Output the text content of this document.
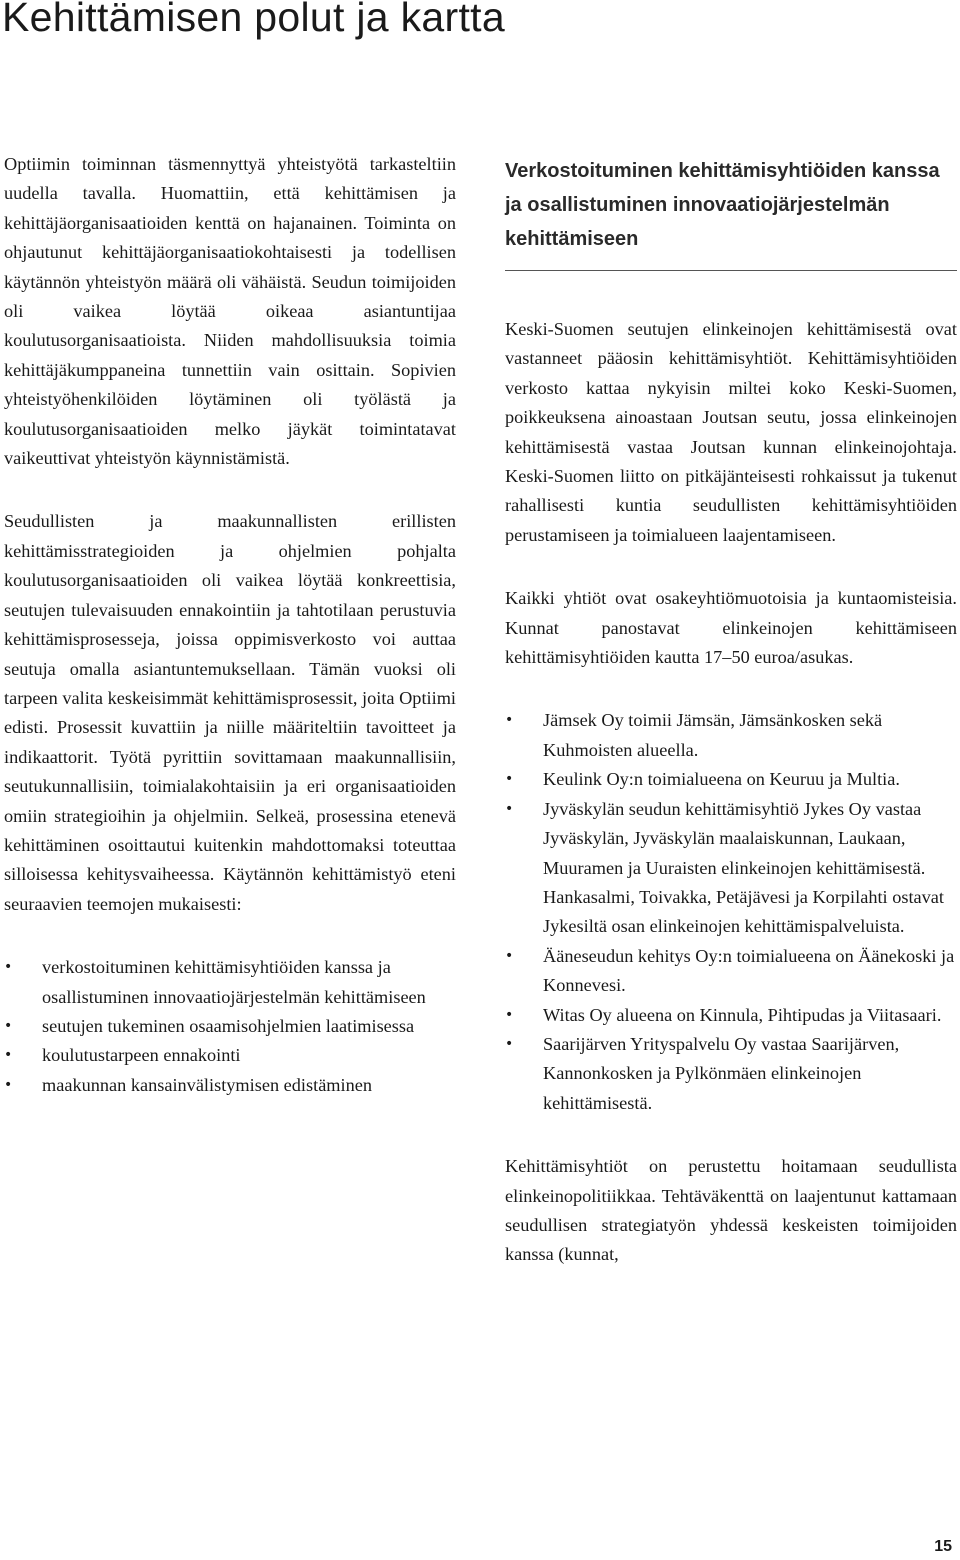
Kehittämisen polut ja kartta

Optiimin toiminnan täsmennyttyä yhteistyötä tarkasteltiin uudella tavalla. Huomattiin, että kehittämisen ja kehittäjäorganisaatioiden kenttä on hajanainen. Toiminta on ohjautunut kehittäjäorganisaatiokohtaisesti ja todellisen käytännön yhteistyön määrä oli vähäistä. Seudun toimijoiden oli vaikea löytää oikeaa asiantuntijaa koulutusorganisaatioista. Niiden mahdollisuuksia toimia kehittäjäkumppaneina tunnettiin vain osittain. Sopivien yhteistyöhenkilöiden löytäminen oli työlästä ja koulutusorganisaatioiden melko jäykät toimintatavat vaikeuttivat yhteistyön käynnistämistä.

Seudullisten ja maakunnallisten erillisten kehittämisstrategioiden ja ohjelmien pohjalta koulutusorganisaatioiden oli vaikea löytää konkreettisia, seutujen tulevaisuuden ennakointiin ja tahtotilaan perustuvia kehittämisprosesseja, joissa oppimisverkosto voi auttaa seutuja omalla asiantuntemuksellaan. Tämän vuoksi oli tarpeen valita keskeisimmät kehittämisprosessit, joita Optiimi edisti. Prosessit kuvattiin ja niille määriteltiin tavoitteet ja indikaattorit. Työtä pyrittiin sovittamaan maakunnallisiin, seutukunnallisiin, toimialakohtaisiin ja eri organisaatioiden omiin strategioihin ja ohjelmiin. Selkeä, prosessina etenevä kehittäminen osoittautui kuitenkin mahdottomaksi toteuttaa silloisessa kehitysvaiheessa. Käytännön kehittämistyö eteni seuraavien teemojen mukaisesti:

• verkostoituminen kehittämisyhtiöiden kanssa ja osallistuminen innovaatiojärjestelmän kehittämiseen
• seutujen tukeminen osaamisohjelmien laatimisessa
• koulutustarpeen ennakointi
• maakunnan kansainvälistymisen edistäminen
Verkostoituminen kehittämisyhtiöiden kanssa ja osallistuminen innovaatiojärjestelmän kehittämiseen

Keski-Suomen seutujen elinkeinojen kehittämisestä ovat vastanneet pääosin kehittämisyhtiöt. Kehittämisyhtiöiden verkosto kattaa nykyisin miltei koko Keski-Suomen, poikkeuksena ainoastaan Joutsan seutu, jossa elinkeinojen kehittämisestä vastaa Joutsan kunnan elinkeinojohtaja. Keski-Suomen liitto on pitkäjänteisesti rohkaissut ja tukenut rahallisesti kuntia seudullisten kehittämisyhtiöiden perustamiseen ja toimialueen laajentamiseen.

Kaikki yhtiöt ovat osakeyhtiömuotoisia ja kuntaomisteisia. Kunnat panostavat elinkeinojen kehittämiseen kehittämisyhtiöiden kautta 17–50 euroa/asukas.

• Jämsek Oy toimii Jämsän, Jämsänkosken sekä Kuhmoisten alueella.
• Keulink Oy:n toimialueena on Keuruu ja Multia.
• Jyväskylän seudun kehittämisyhtiö Jykes Oy vastaa Jyväskylän, Jyväskylän maalaiskunnan, Laukaan, Muuramen ja Uuraisten elinkeinojen kehittämisestä. Hankasalmi, Toivakka, Petäjävesi ja Korpilahti ostavat Jykesiltä osan elinkeinojen kehittämispalveluista.
• Ääneseudun kehitys Oy:n toimialueena on Äänekoski ja Konnevesi.
• Witas Oy alueena on Kinnula, Pihtipudas ja Viitasaari.
• Saarijärven Yrityspalvelu Oy vastaa Saarijärven, Kannonkosken ja Pylkönmäen elinkeinojen kehittämisestä.

Kehittämisyhtiöt on perustettu hoitamaan seudullista elinkeinopolitiikkaa. Tehtäväkenttä on laajentunut kattamaan seudullisen strategiatyön yhdessä keskeisten toimijoiden kanssa (kunnat,

15
